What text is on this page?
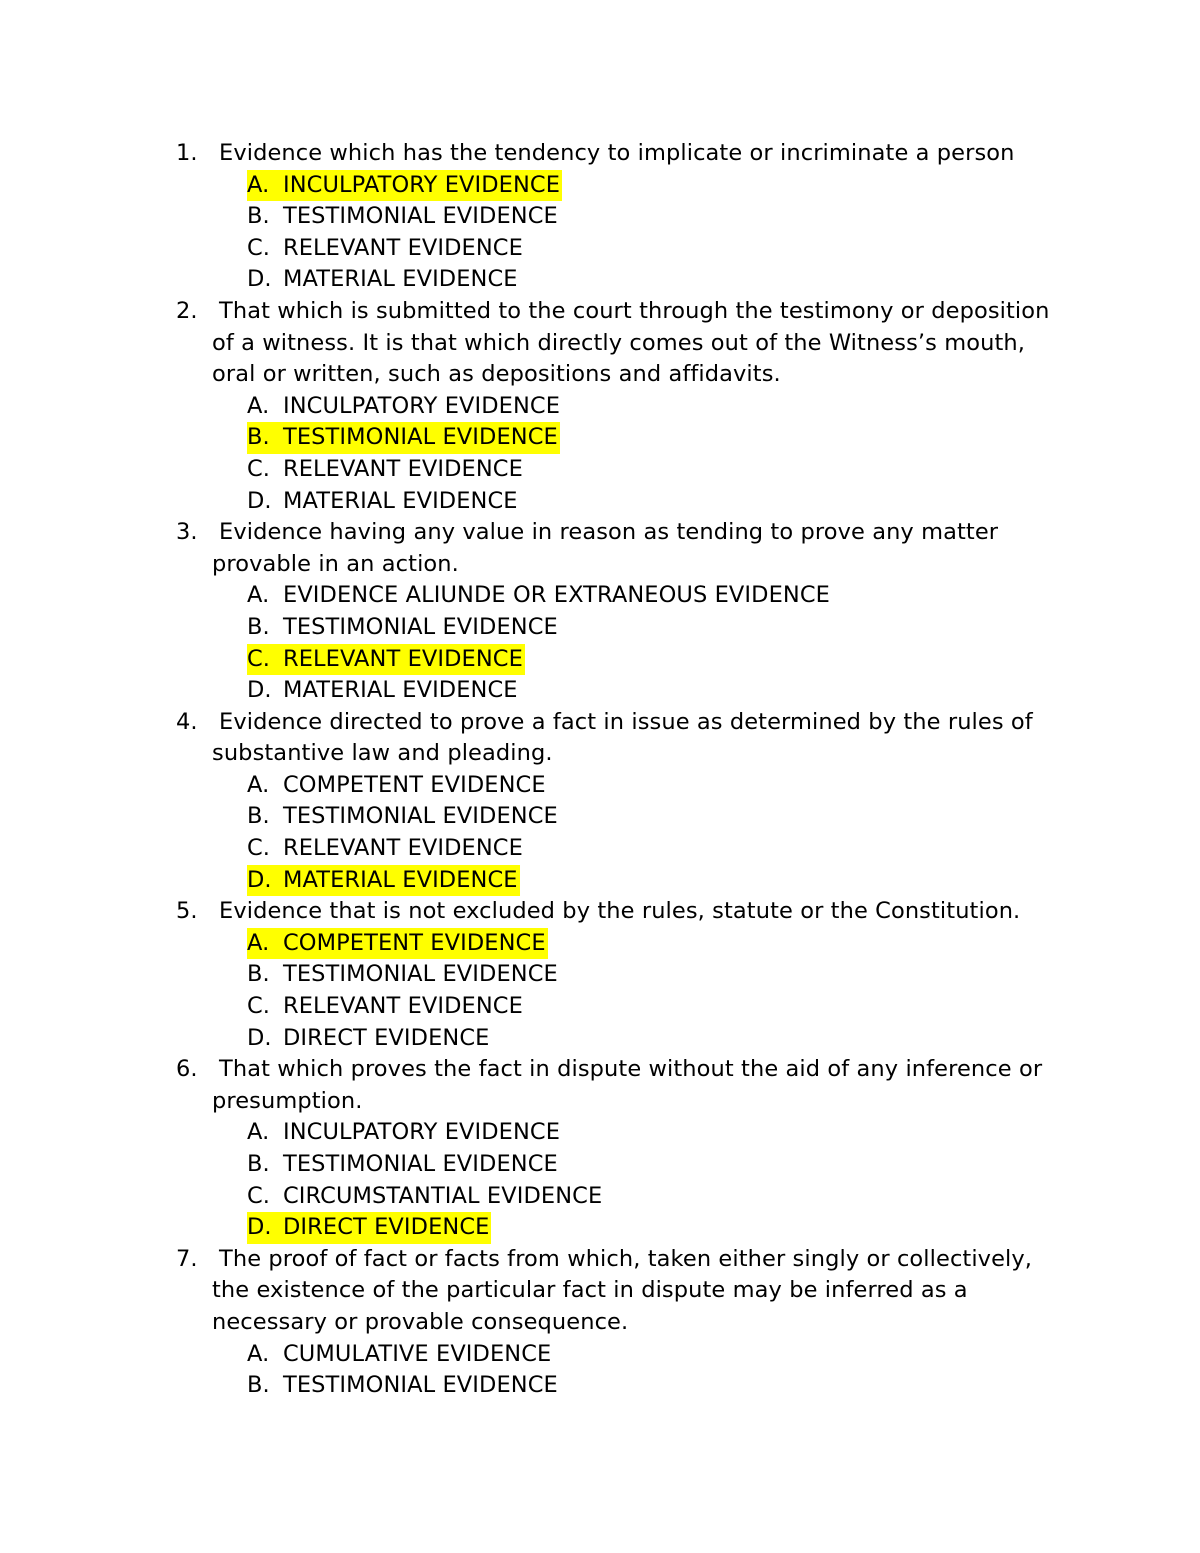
1. Evidence which has the tendency to implicate or incriminate a person
A. INCULPATORY EVIDENCE
B. TESTIMONIAL EVIDENCE
C. RELEVANT EVIDENCE
D. MATERIAL EVIDENCE
2. That which is submitted to the court through the testimony or deposition of a witness. It is that which directly comes out of the Witness’s mouth, oral or written, such as depositions and affidavits.
A. INCULPATORY EVIDENCE
B. TESTIMONIAL EVIDENCE
C. RELEVANT EVIDENCE
D. MATERIAL EVIDENCE
3. Evidence having any value in reason as tending to prove any matter provable in an action.
A. EVIDENCE ALIUNDE OR EXTRANEOUS EVIDENCE
B. TESTIMONIAL EVIDENCE
C. RELEVANT EVIDENCE
D. MATERIAL EVIDENCE
4. Evidence directed to prove a fact in issue as determined by the rules of substantive law and pleading.
A. COMPETENT EVIDENCE
B. TESTIMONIAL EVIDENCE
C. RELEVANT EVIDENCE
D. MATERIAL EVIDENCE
5. Evidence that is not excluded by the rules, statute or the Constitution.
A. COMPETENT EVIDENCE
B. TESTIMONIAL EVIDENCE
C. RELEVANT EVIDENCE
D. DIRECT EVIDENCE
6. That which proves the fact in dispute without the aid of any inference or presumption.
A. INCULPATORY EVIDENCE
B. TESTIMONIAL EVIDENCE
C. CIRCUMSTANTIAL EVIDENCE
D. DIRECT EVIDENCE
7. The proof of fact or facts from which, taken either singly or collectively, the existence of the particular fact in dispute may be inferred as a necessary or provable consequence.
A. CUMULATIVE EVIDENCE
B. TESTIMONIAL EVIDENCE
